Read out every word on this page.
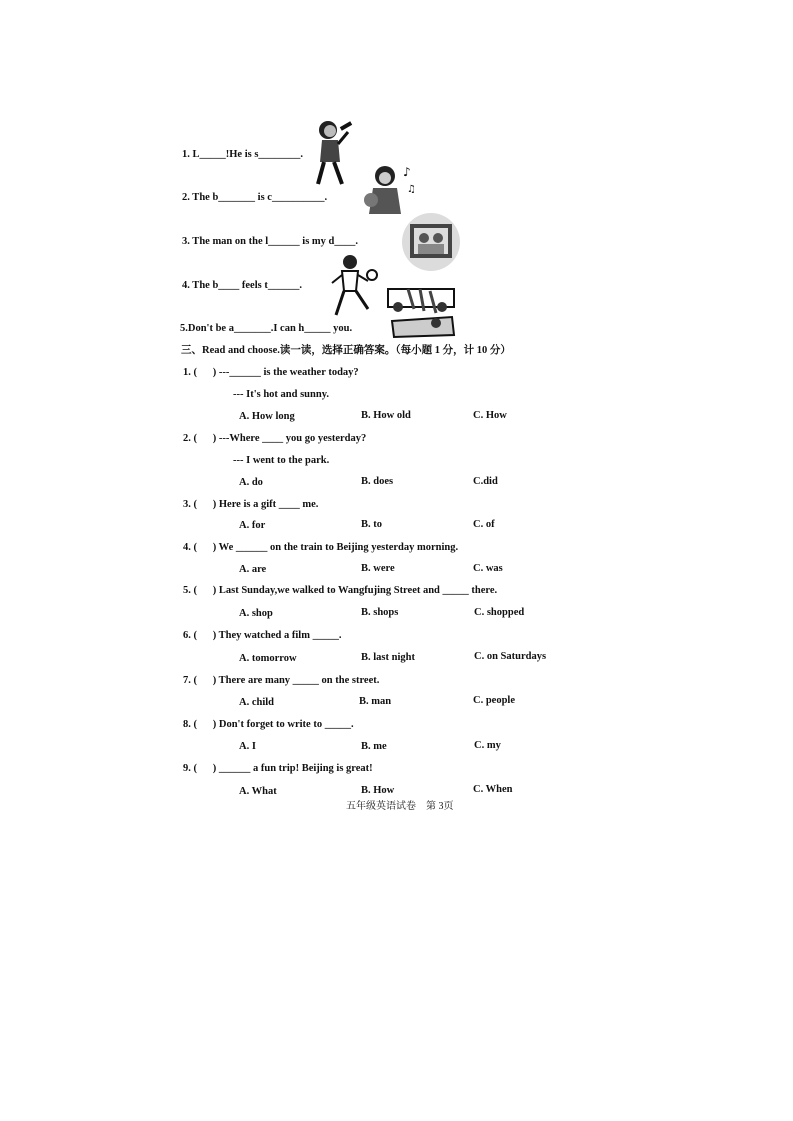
1. L_____!He is s________.
2. The b_______ is c__________.
3. The man on the l______ is my d____.
4. The b____ feels t______.
5.Don't be a_______.I can h_____ you.
♪
♫
三、Read and choose.读一读，选择正确答案。（每小题 1 分，计 10 分）
1. (      ) ---______ is the weather today?
--- It's hot and sunny.
A. How long	B. How old	C. How
2. (      ) ---Where ____ you go yesterday?
--- I went to the park.
A. do	B. does	C.did
3. (      ) Here is a gift ____ me.
A. for	B. to	C. of
4. (      ) We ______ on the train to Beijing yesterday morning.
A. are	B. were	C. was
5. (      ) Last Sunday,we walked to Wangfujing Street and _____ there.
A. shop	B. shops	C. shopped
6. (      ) They watched a film _____.
A. tomorrow	B. last night	C. on Saturdays
7. (      ) There are many _____ on the street.
A. child	B. man	C. people
8. (      ) Don't forget to write to _____.
A. I	B. me	C. my
9. (      ) ______ a fun trip! Beijing is great!
A. What	B. How	C. When
五年级英语试卷    第 3页
